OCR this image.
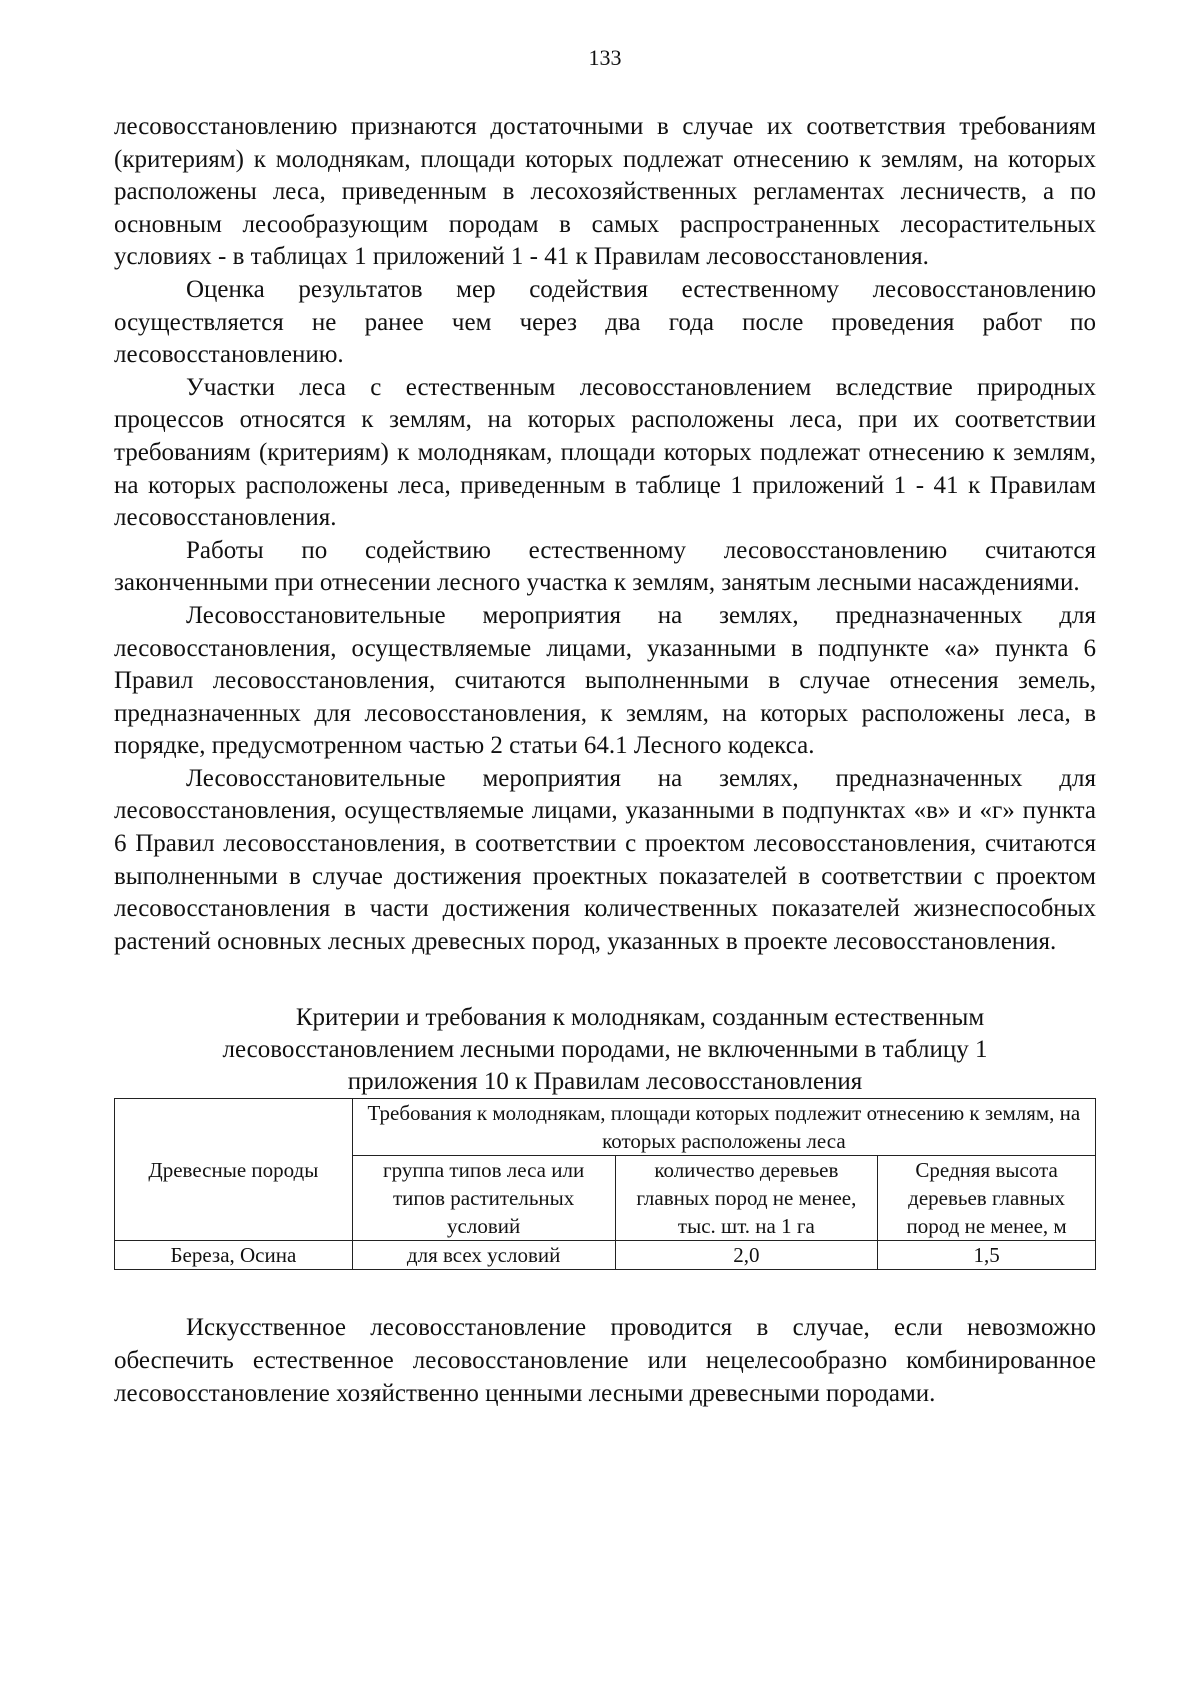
133

лесовосстановлению признаются достаточными в случае их соответствия требованиям (критериям) к молоднякам, площади которых подлежат отнесению к землям, на которых расположены леса, приведенным в лесохозяйственных регламентах лесничеств, а по основным лесообразующим породам в самых распространенных лесорастительных условиях - в таблицах 1 приложений 1 - 41 к Правилам лесовосстановления.

Оценка результатов мер содействия естественному лесовосстановлению осуществляется не ранее чем через два года после проведения работ по лесовосстановлению.

Участки леса с естественным лесовосстановлением вследствие природных процессов относятся к землям, на которых расположены леса, при их соответствии требованиям (критериям) к молоднякам, площади которых подлежат отнесению к землям, на которых расположены леса, приведенным в таблице 1 приложений 1 - 41 к Правилам лесовосстановления.

Работы по содействию естественному лесовосстановлению считаются законченными при отнесении лесного участка к землям, занятым лесными насаждениями.

Лесовосстановительные мероприятия на землях, предназначенных для лесовосстановления, осуществляемые лицами, указанными в подпункте «а» пункта 6 Правил лесовосстановления, считаются выполненными в случае отнесения земель, предназначенных для лесовосстановления, к землям, на которых расположены леса, в порядке, предусмотренном частью 2 статьи 64.1 Лесного кодекса.

Лесовосстановительные мероприятия на землях, предназначенных для лесовосстановления, осуществляемые лицами, указанными в подпунктах «в» и «г» пункта 6 Правил лесовосстановления, в соответствии с проектом лесовосстановления, считаются выполненными в случае достижения проектных показателей в соответствии с проектом лесовосстановления в части достижения количественных показателей жизнеспособных растений основных лесных древесных пород, указанных в проекте лесовосстановления.

Критерии и требования к молоднякам, созданным естественным
лесовосстановлением лесными породами, не включенными в таблицу 1
приложения 10 к Правилам лесовосстановления
Древесные породы	Требования к молоднякам, площади которых подлежит отнесению к землям, на которых расположены леса		
	группа типов леса или типов растительных условий	количество деревьев главных пород не менее, тыс. шт. на 1 га	Средняя высота деревьев главных пород не менее, м
Береза, Осина	для всех условий	2,0	1,5

Искусственное лесовосстановление проводится в случае, если невозможно обеспечить естественное лесовосстановление или нецелесообразно комбинированное лесовосстановление хозяйственно ценными лесными древесными породами.
